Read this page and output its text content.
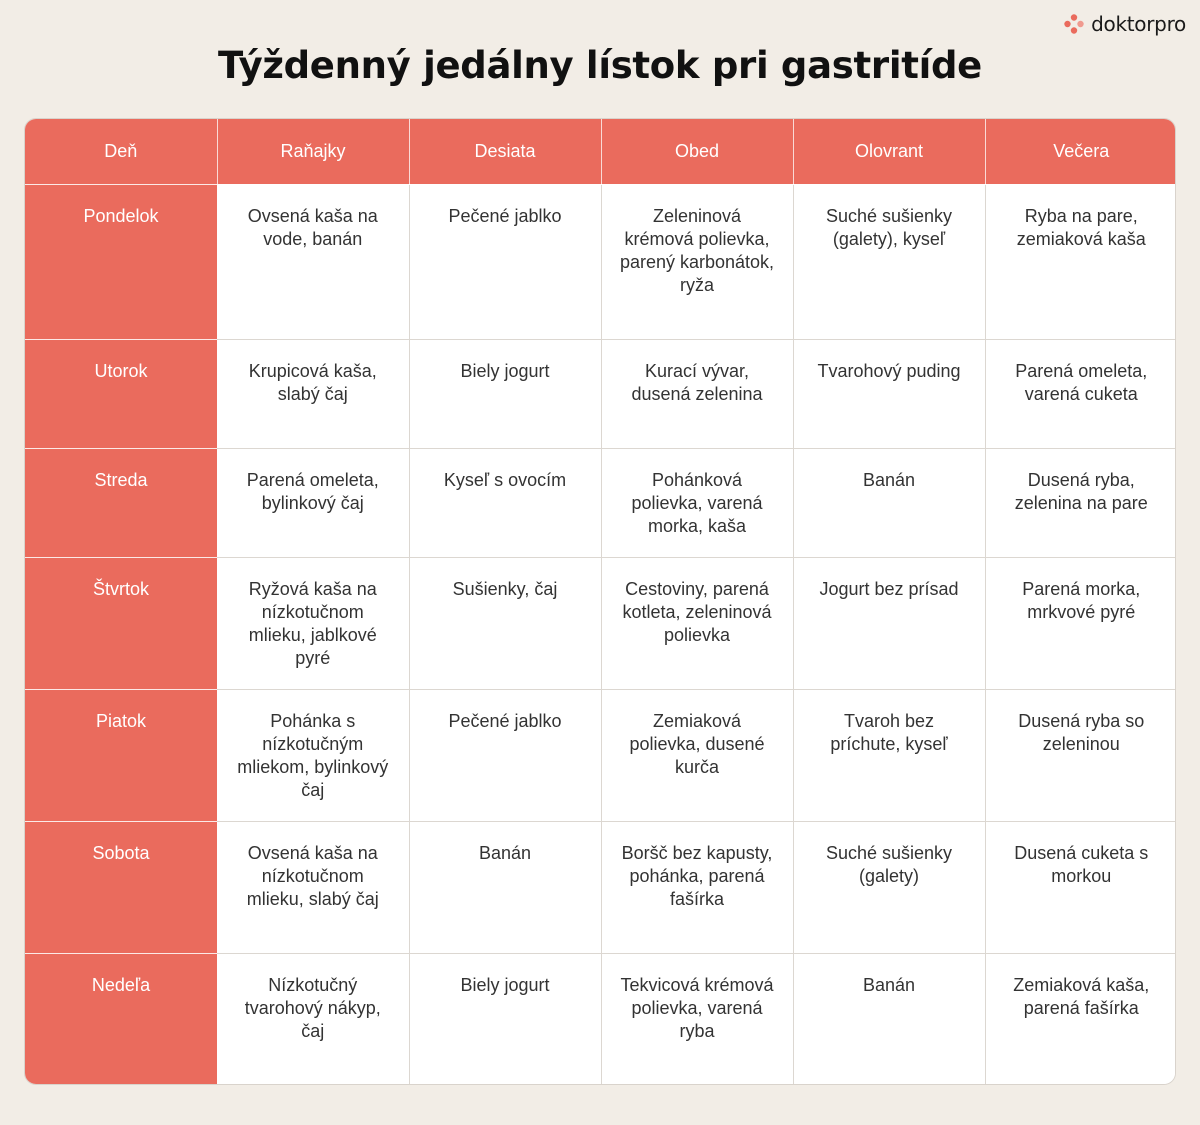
doktorpro
Týždenný jedálny lístok pri gastritíde
Deň	Raňajky	Desiata	Obed	Olovrant	Večera
Pondelok	Ovsená kaša na vode, banán	Pečené jablko	Zeleninová krémová polievka, parený karbonátok, ryža	Suché sušienky (galety), kyseľ	Ryba na pare, zemiaková kaša
Utorok	Krupicová kaša, slabý čaj	Biely jogurt	Kurací vývar, dusená zelenina	Tvarohový puding	Parená omeleta, varená cuketa
Streda	Parená omeleta, bylinkový čaj	Kyseľ s ovocím	Pohánková polievka, varená morka, kaša	Banán	Dusená ryba, zelenina na pare
Štvrtok	Ryžová kaša na nízkotučnom mlieku, jablkové pyré	Sušienky, čaj	Cestoviny, parená kotleta, zeleninová polievka	Jogurt bez prísad	Parená morka, mrkvové pyré
Piatok	Pohánka s nízkotučným mliekom, bylinkový čaj	Pečené jablko	Zemiaková polievka, dusené kurča	Tvaroh bez príchute, kyseľ	Dusená ryba so zeleninou
Sobota	Ovsená kaša na nízkotučnom mlieku, slabý čaj	Banán	Boršč bez kapusty, pohánka, parená fašírka	Suché sušienky (galety)	Dusená cuketa s morkou
Nedeľa	Nízkotučný tvarohový nákyp, čaj	Biely jogurt	Tekvicová krémová polievka, varená ryba	Banán	Zemiaková kaša, parená fašírka
